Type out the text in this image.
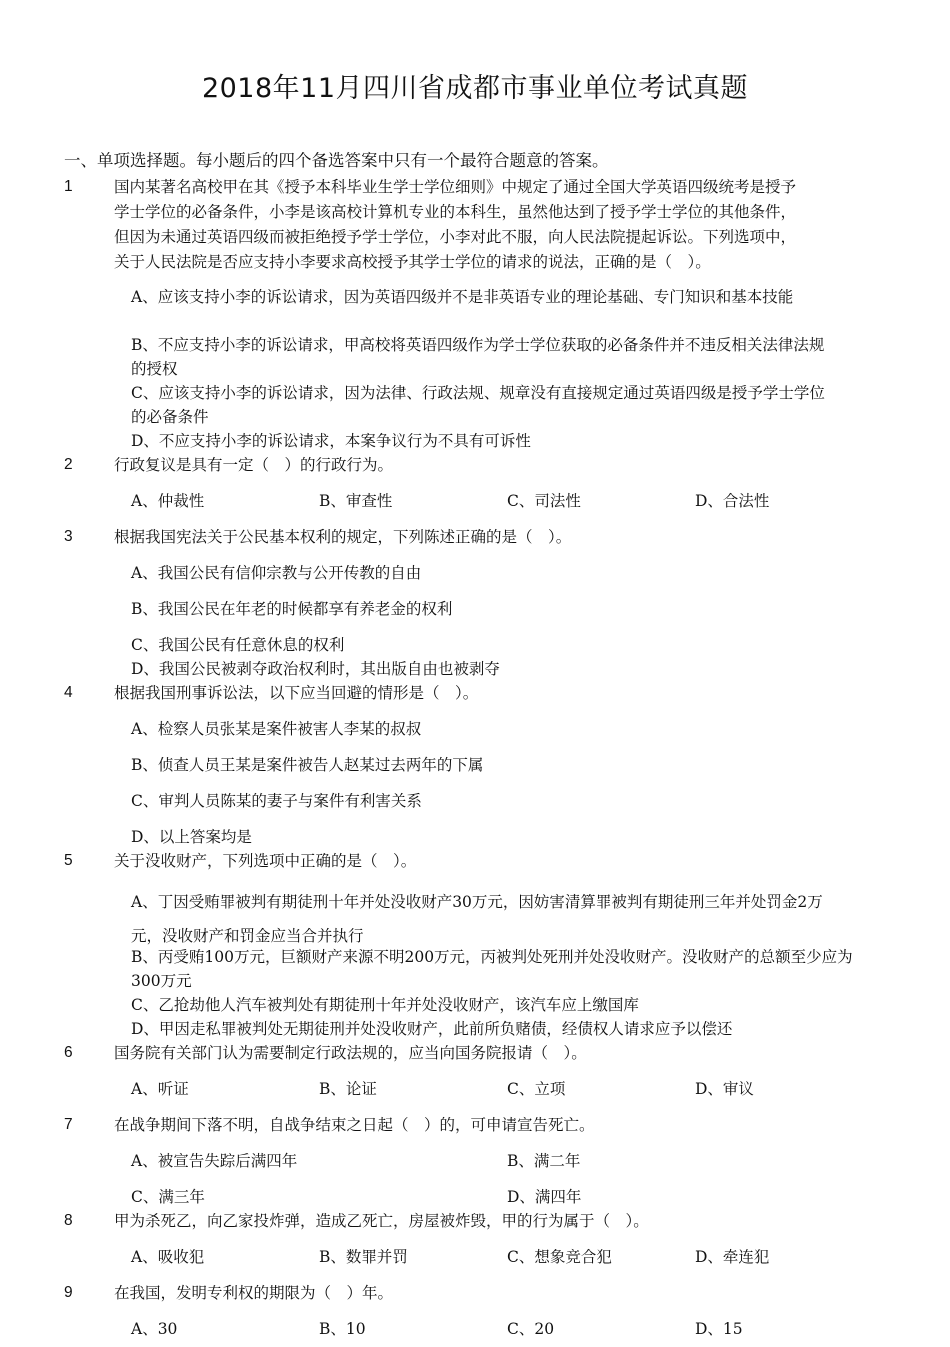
2018年11月四川省成都市事业单位考试真题
一、单项选择题。每小题后的四个备选答案中只有一个最符合题意的答案。
1	国内某著名高校甲在其《授予本科毕业生学士学位细则》中规定了通过全国大学英语四级统考是授予
学士学位的必备条件，小李是该高校计算机专业的本科生，虽然他达到了授予学士学位的其他条件，
但因为未通过英语四级而被拒绝授予学士学位，小李对此不服，向人民法院提起诉讼。下列选项中，
关于人民法院是否应支持小李要求高校授予其学士学位的请求的说法，正确的是（　）。
A、应该支持小李的诉讼请求，因为英语四级并不是非英语专业的理论基础、专门知识和基本技能
B、不应支持小李的诉讼请求，甲高校将英语四级作为学士学位获取的必备条件并不违反相关法律法规的授权
C、应该支持小李的诉讼请求，因为法律、行政法规、规章没有直接规定通过英语四级是授予学士学位的必备条件
D、不应支持小李的诉讼请求，本案争议行为不具有可诉性
2	行政复议是具有一定（　）的行政行为。
A、仲裁性	B、审查性	C、司法性	D、合法性
3	根据我国宪法关于公民基本权利的规定，下列陈述正确的是（　）。
A、我国公民有信仰宗教与公开传教的自由
B、我国公民在年老的时候都享有养老金的权利
C、我国公民有任意休息的权利
D、我国公民被剥夺政治权利时，其出版自由也被剥夺
4	根据我国刑事诉讼法，以下应当回避的情形是（　）。
A、检察人员张某是案件被害人李某的叔叔
B、侦查人员王某是案件被告人赵某过去两年的下属
C、审判人员陈某的妻子与案件有利害关系
D、以上答案均是
5	关于没收财产，下列选项中正确的是（　）。
A、丁因受贿罪被判有期徒刑十年并处没收财产30万元，因妨害清算罪被判有期徒刑三年并处罚金2万元，没收财产和罚金应当合并执行
B、丙受贿100万元，巨额财产来源不明200万元，丙被判处死刑并处没收财产。没收财产的总额至少应为300万元
C、乙抢劫他人汽车被判处有期徒刑十年并处没收财产，该汽车应上缴国库
D、甲因走私罪被判处无期徒刑并处没收财产，此前所负赌债，经债权人请求应予以偿还
6	国务院有关部门认为需要制定行政法规的，应当向国务院报请（　）。
A、听证	B、论证	C、立项	D、审议
7	在战争期间下落不明，自战争结束之日起（　）的，可申请宣告死亡。
A、被宣告失踪后满四年	B、满二年
C、满三年	D、满四年
8	甲为杀死乙，向乙家投炸弹，造成乙死亡，房屋被炸毁，甲的行为属于（　）。
A、吸收犯	B、数罪并罚	C、想象竞合犯	D、牵连犯
9	在我国，发明专利权的期限为（　）年。
A、30	B、10	C、20	D、15
